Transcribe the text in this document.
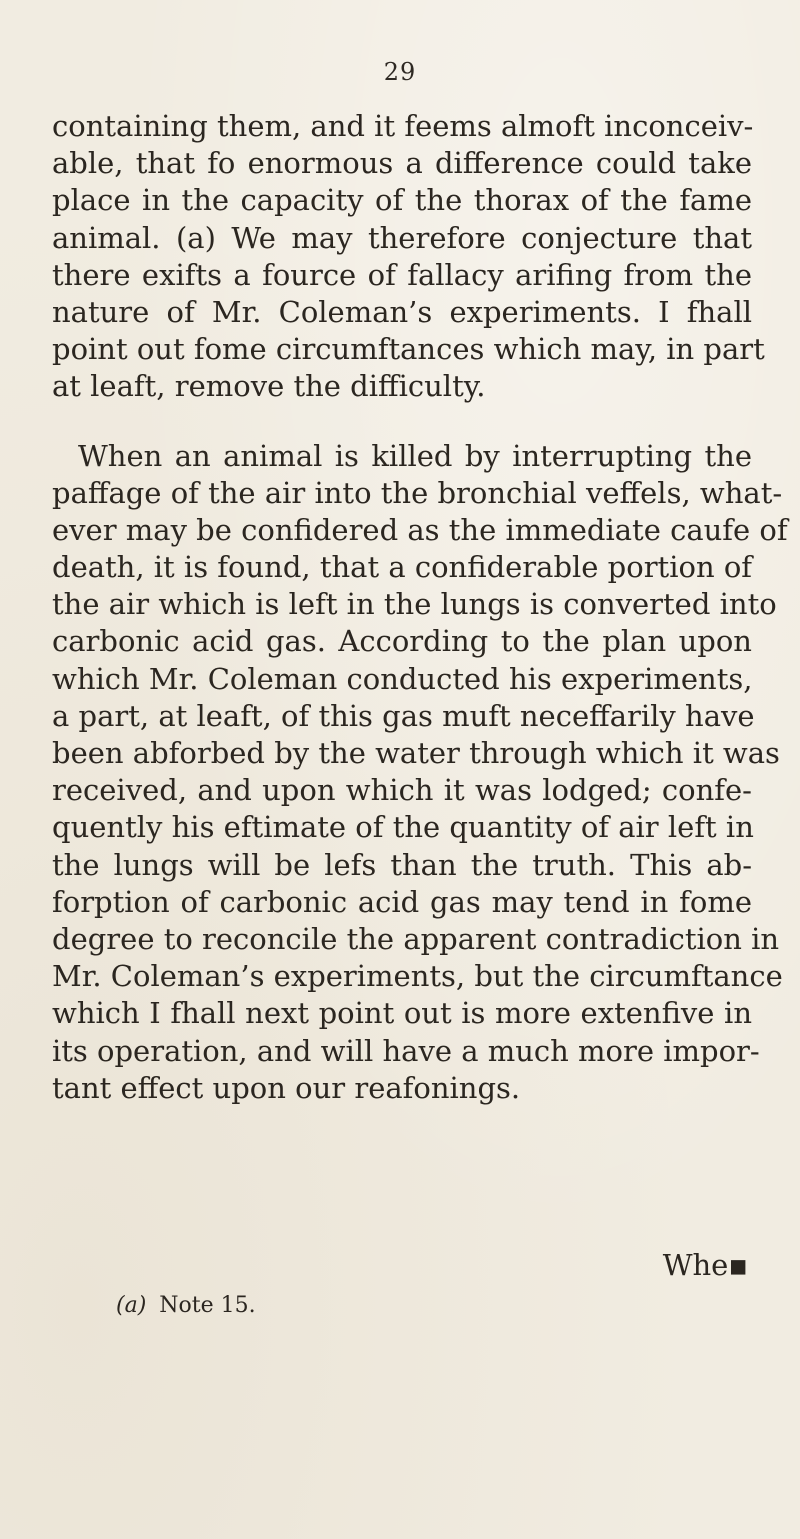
29
containing them, and it feems almoft inconceiv-
able, that fo enormous a difference could take
place in the capacity of the thorax of the fame
animal. (a) We may therefore conjecture that
there exifts a fource of fallacy arifing from the
nature of Mr. Coleman’s experiments. I fhall
point out fome circumftances which may, in part
at leaft, remove the difficulty.
When an animal is killed by interrupting the
paffage of the air into the bronchial veffels, what-
ever may be confidered as the immediate caufe of
death, it is found, that a confiderable portion of
the air which is left in the lungs is converted into
carbonic acid gas. According to the plan upon
which Mr. Coleman conducted his experiments,
a part, at leaft, of this gas muft neceffarily have
been abforbed by the water through which it was
received, and upon which it was lodged; confe-
quently his eftimate of the quantity of air left in
the lungs will be lefs than the truth. This ab-
forption of carbonic acid gas may tend in fome
degree to reconcile the apparent contradiction in
Mr. Coleman’s experiments, but the circumftance
which I fhall next point out is more extenfive in
its operation, and will have a much more impor-
tant effect upon our reafonings.
Whe▪
(a) Note 15.
